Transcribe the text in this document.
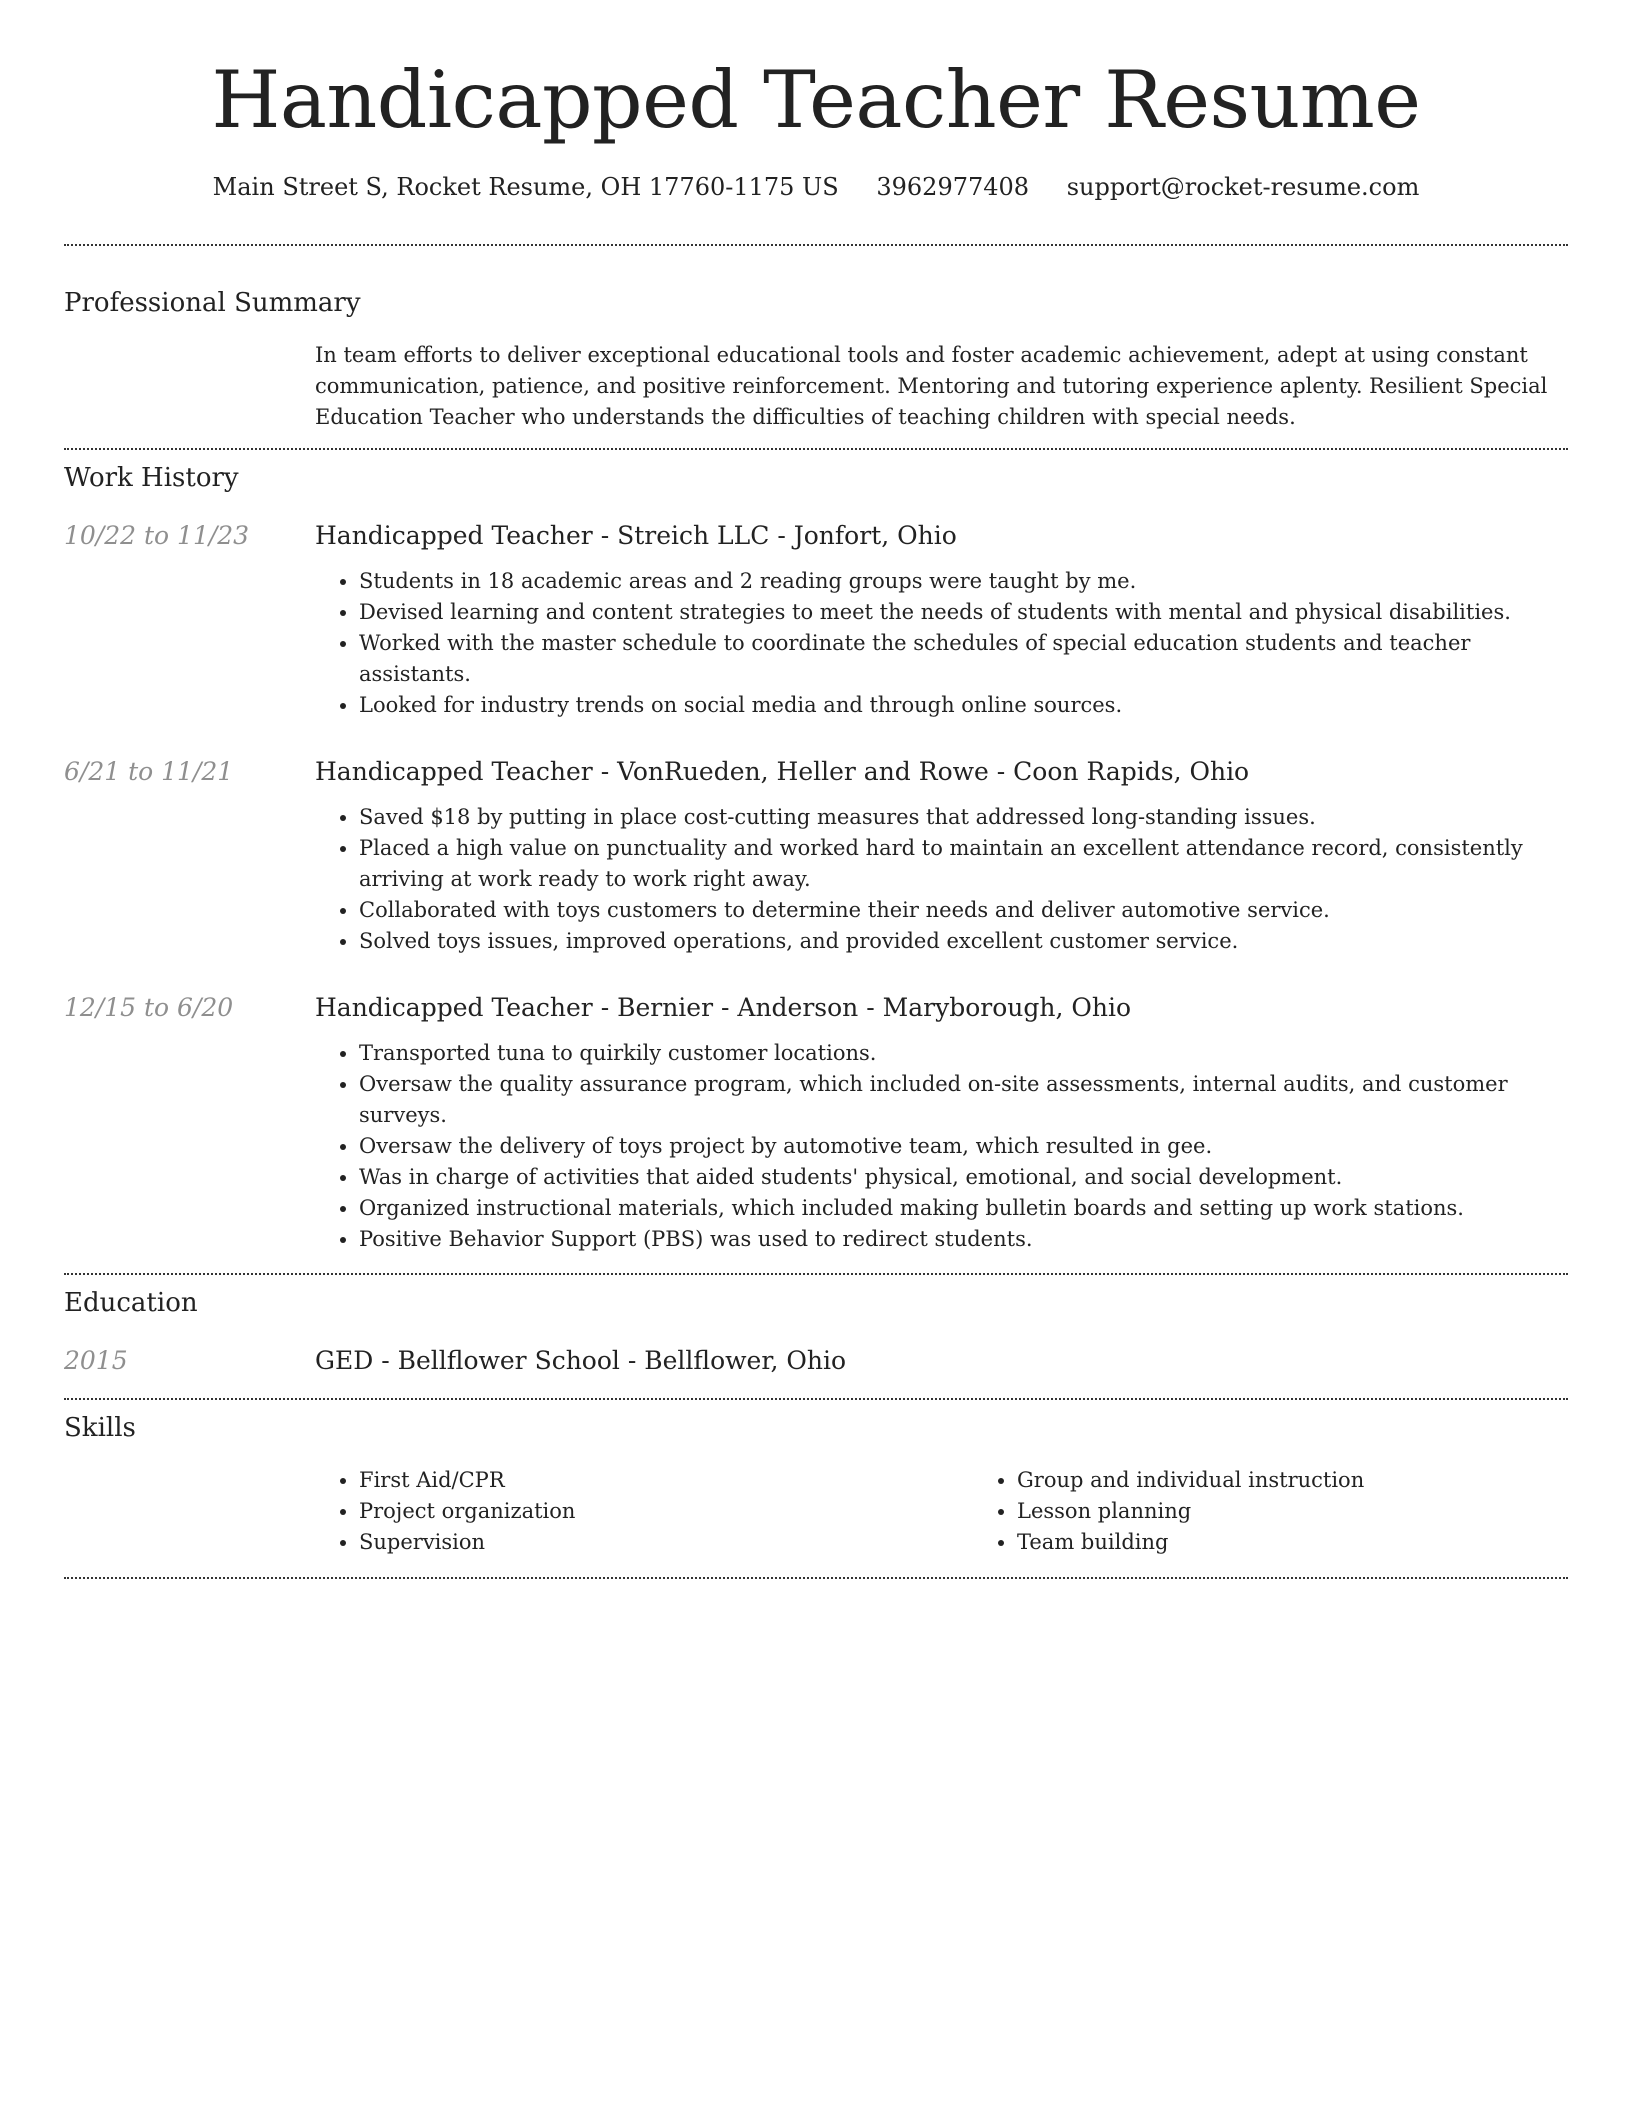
Handicapped Teacher Resume
Main Street S, Rocket Resume, OH 17760-1175 US 3962977408 support@rocket-resume.com
Professional Summary
In team efforts to deliver exceptional educational tools and foster academic achievement, adept at using constant communication, patience, and positive reinforcement. Mentoring and tutoring experience aplenty. Resilient Special Education Teacher who understands the difficulties of teaching children with special needs.
Work History
10/22 to 11/23	Handicapped Teacher - Streich LLC - Jonfort, Ohio
• Students in 18 academic areas and 2 reading groups were taught by me.
• Devised learning and content strategies to meet the needs of students with mental and physical disabilities.
• Worked with the master schedule to coordinate the schedules of special education students and teacher assistants.
• Looked for industry trends on social media and through online sources.
6/21 to 11/21	Handicapped Teacher - VonRueden, Heller and Rowe - Coon Rapids, Ohio
• Saved $18 by putting in place cost-cutting measures that addressed long-standing issues.
• Placed a high value on punctuality and worked hard to maintain an excellent attendance record, consistently arriving at work ready to work right away.
• Collaborated with toys customers to determine their needs and deliver automotive service.
• Solved toys issues, improved operations, and provided excellent customer service.
12/15 to 6/20	Handicapped Teacher - Bernier - Anderson - Maryborough, Ohio
• Transported tuna to quirkily customer locations.
• Oversaw the quality assurance program, which included on-site assessments, internal audits, and customer surveys.
• Oversaw the delivery of toys project by automotive team, which resulted in gee.
• Was in charge of activities that aided students' physical, emotional, and social development.
• Organized instructional materials, which included making bulletin boards and setting up work stations.
• Positive Behavior Support (PBS) was used to redirect students.
Education
2015	GED - Bellflower School - Bellflower, Ohio
Skills
• First Aid/CPR
• Project organization
• Supervision
• Group and individual instruction
• Lesson planning
• Team building
